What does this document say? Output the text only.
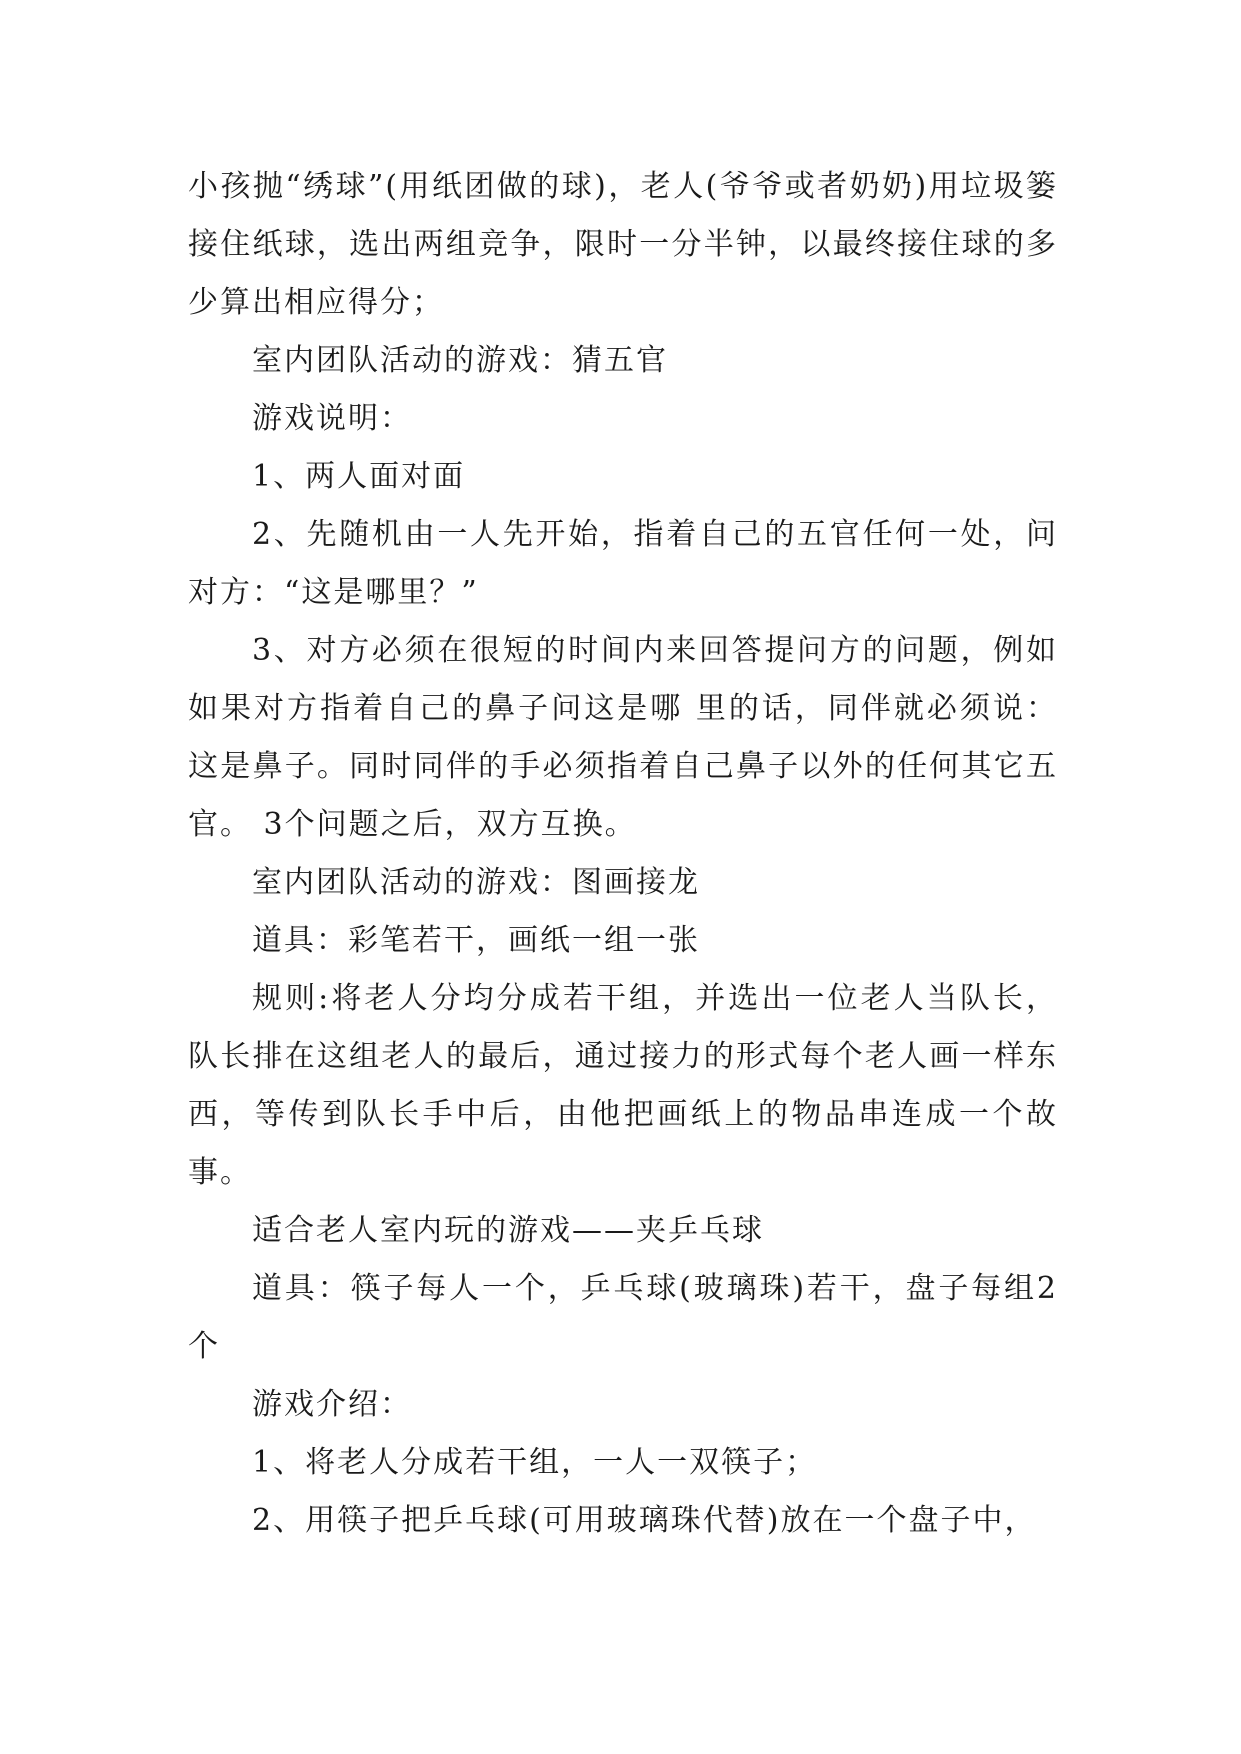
小孩抛“绣球”(用纸团做的球)，老人(爷爷或者奶奶)用垃圾篓接住纸球，选出两组竞争，限时一分半钟，以最终接住球的多少算出相应得分；

室内团队活动的游戏：猜五官

游戏说明：

1、两人面对面

2、先随机由一人先开始，指着自己的五官任何一处，问对方：“这是哪里？”

3、对方必须在很短的时间内来回答提问方的问题，例如如果对方指着自己的鼻子问这是哪 里的话，同伴就必须说：这是鼻子。同时同伴的手必须指着自己鼻子以外的任何其它五官。 3个问题之后，双方互换。

室内团队活动的游戏：图画接龙

道具：彩笔若干，画纸一组一张

规则:将老人分均分成若干组，并选出一位老人当队长，队长排在这组老人的最后，通过接力的形式每个老人画一样东西，等传到队长手中后，由他把画纸上的物品串连成一个故事。

适合老人室内玩的游戏——夹乒乓球

道具：筷子每人一个，乒乓球(玻璃珠)若干，盘子每组2个

游戏介绍：

1、将老人分成若干组，一人一双筷子；

2、用筷子把乒乓球(可用玻璃珠代替)放在一个盘子中，
